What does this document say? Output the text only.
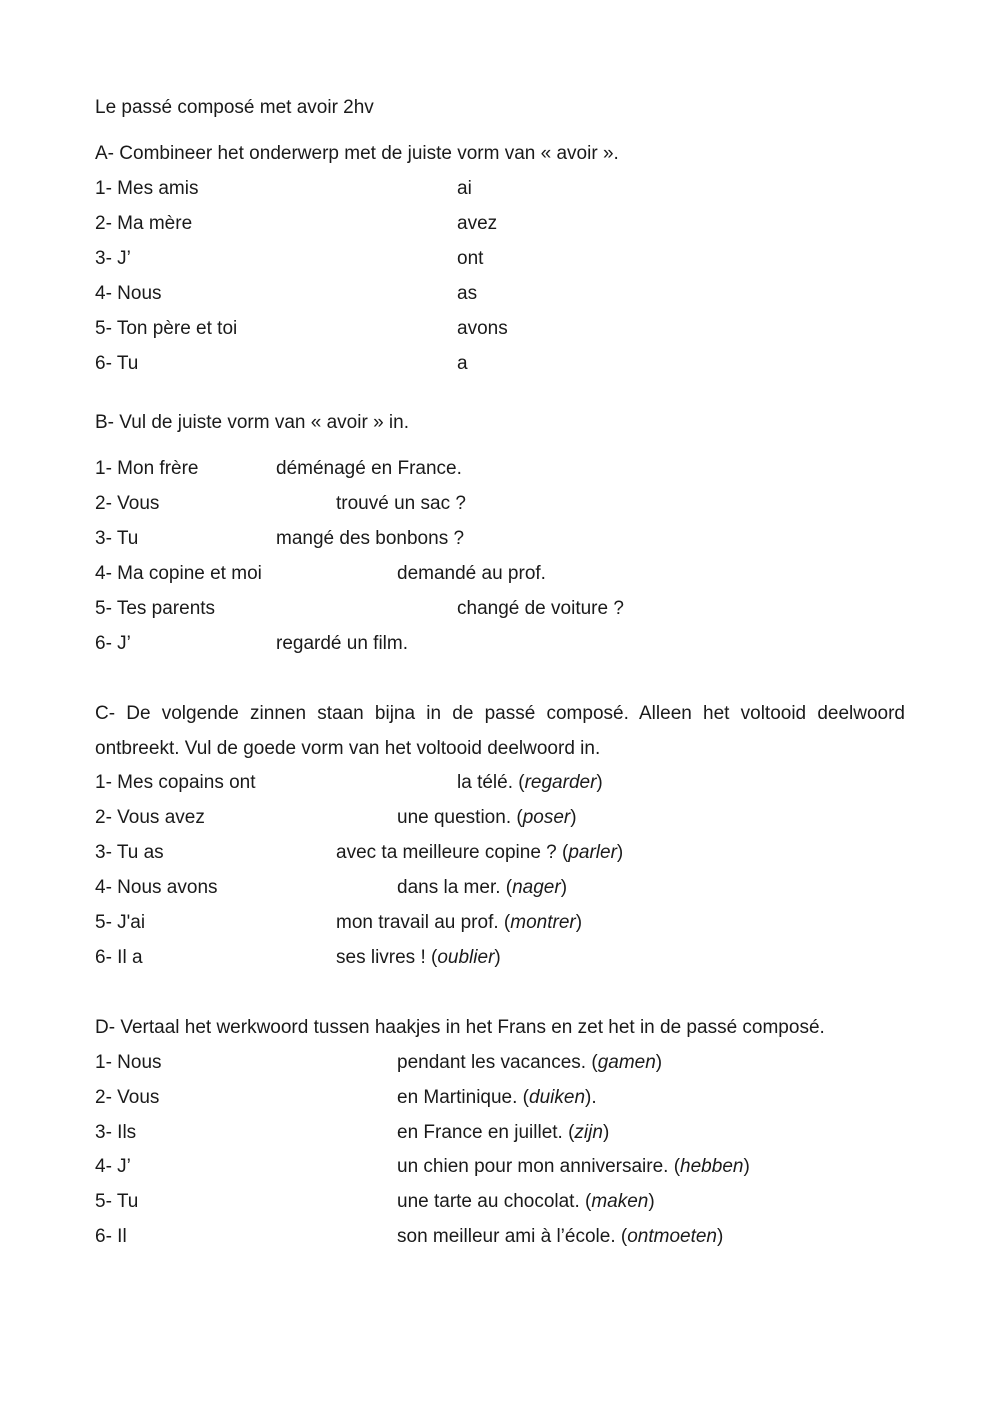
Le passé composé met avoir 2hv
A- Combineer het onderwerp met de juiste vorm van « avoir ».
1- Mes amis	ai
2- Ma mère	avez
3- J’	ont
4- Nous	as
5- Ton père et toi	avons
6- Tu	a
B- Vul de juiste vorm van « avoir » in.
1- Mon frère	déménagé en France.
2- Vous	trouvé un sac ?
3- Tu	mangé des bonbons ?
4- Ma copine et moi	demandé au prof.
5- Tes parents	changé de voiture ?
6- J’	regardé un film.
C- De volgende zinnen staan bijna in de passé composé. Alleen het voltooid deelwoord ontbreekt. Vul de goede vorm van het voltooid deelwoord in.
1- Mes copains ont	la télé. (regarder)
2- Vous avez	une question. (poser)
3- Tu as	avec ta meilleure copine ? (parler)
4- Nous avons	dans la mer. (nager)
5- J'ai	mon travail au prof. (montrer)
6- Il a	ses livres ! (oublier)
D- Vertaal het werkwoord tussen haakjes in het Frans en zet het in de passé composé.
1- Nous	pendant les vacances. (gamen)
2- Vous	en Martinique. (duiken).
3- Ils	en France en juillet. (zijn)
4- J’	un chien pour mon anniversaire. (hebben)
5- Tu	une tarte au chocolat. (maken)
6- Il	son meilleur ami à l’école. (ontmoeten)
